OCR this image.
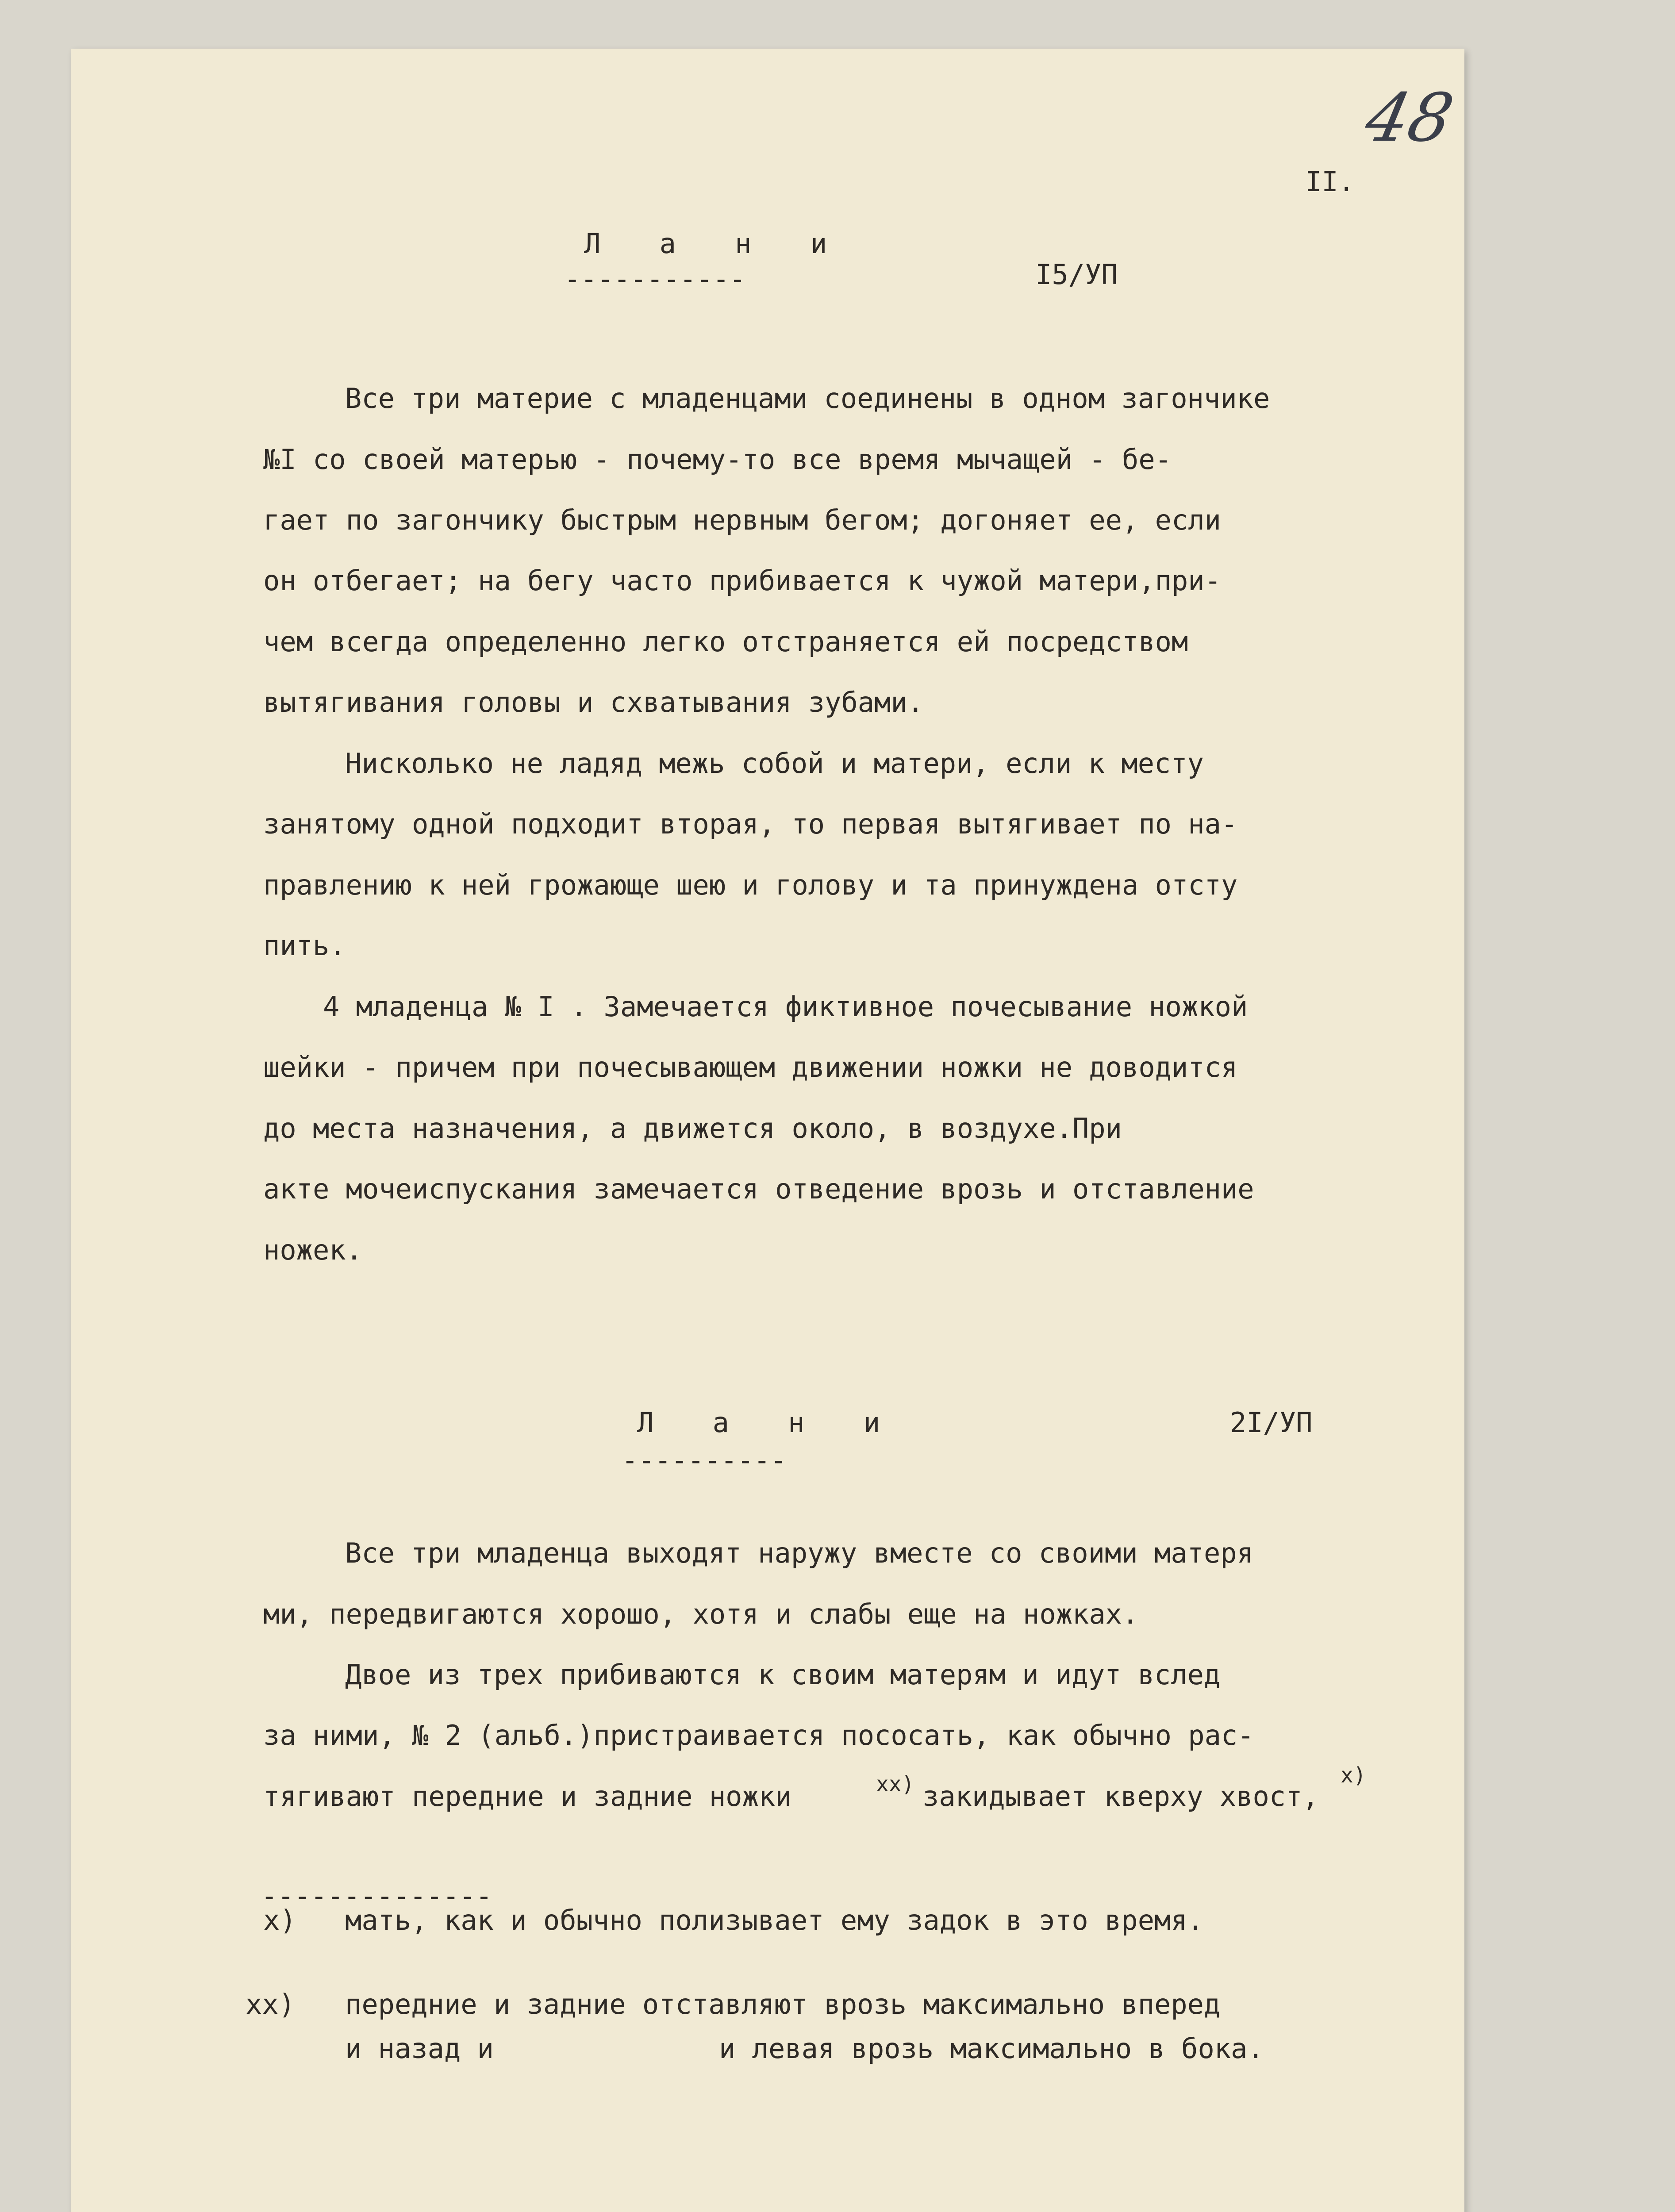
48
II.
Л а н и
-----------	I5/УП
Все три материе с младенцами соединены в одном загончике
№I со своей матерью - почему-то все время мычащей - бе-
гает по загончику быстрым нервным бегом; догоняет ее, если
он отбегает; на бегу часто прибивается к чужой матери,при-
чем всегда определенно легко отстраняется ей посредством
вытягивания головы и схватывания зубами.
Нисколько не ладяд межь собой и матери, если к месту
занятому одной подходит вторая, то первая вытягивает по на-
правлению к ней грожающе шею и голову и та принуждена отсту
пить.
4 младенца № I . Замечается фиктивное почесывание ножкой
шейки - причем при почесывающем движении ножки не доводится
до места назначения, а движется около, в воздухе.При
акте мочеиспускания замечается отведение врозь и отставление
ножек.
Л а н и
----------
2I/УП
Все три младенца выходят наружу вместе со своими матеря
ми, передвигаются хорошо, хотя и слабы еще на ножках.
Двое из трех прибиваются к своим матерям и идут вслед
за ними, № 2 (альб.)пристраивается пососать, как обычно рас-
тягивают передние и задние ножки	xx) закидывает кверху хвост,
x)
--------------
x) мать, как и обычно полизывает ему задок в это время.
xx) передние и задние отставляют врозь максимально вперед
и назад и	и левая врозь максимально в бока.
